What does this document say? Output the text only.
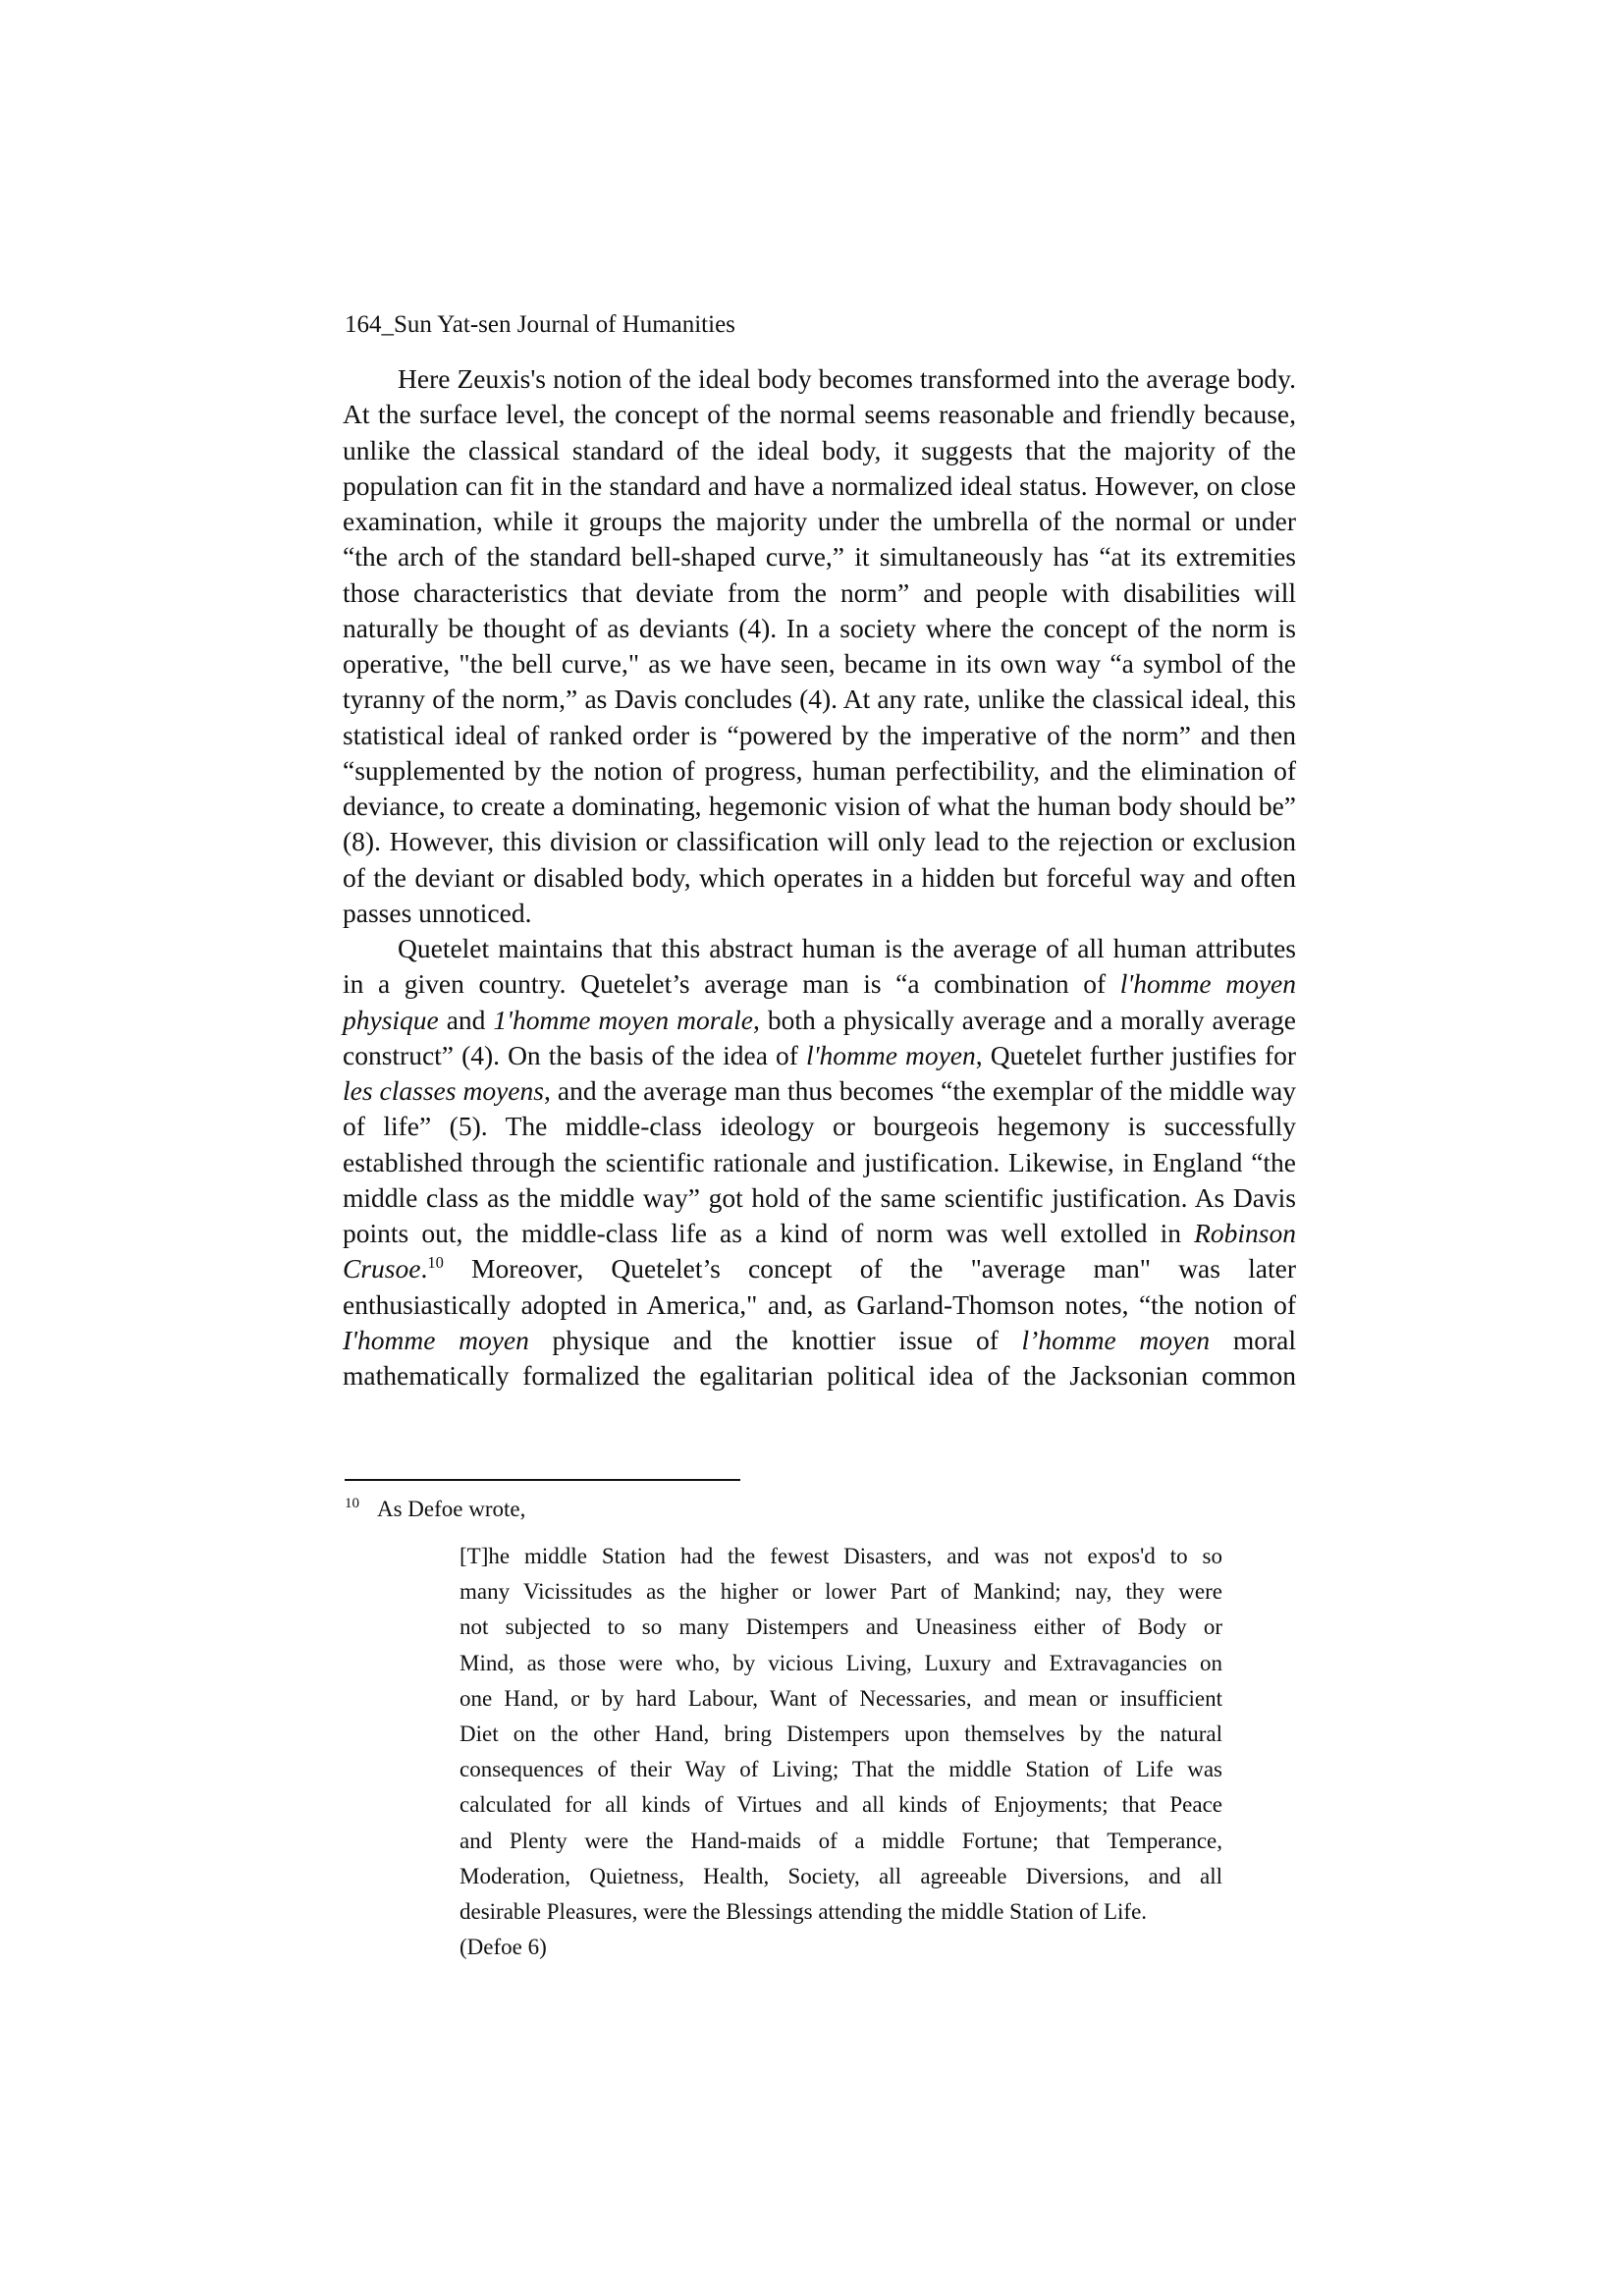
164_Sun Yat-sen Journal of Humanities
Here Zeuxis's notion of the ideal body becomes transformed into the average body.
At the surface level, the concept of the normal seems reasonable and friendly because,
unlike the classical standard of the ideal body, it suggests that the majority of the
population can fit in the standard and have a normalized ideal status. However, on close
examination, while it groups the majority under the umbrella of the normal or under
“the arch of the standard bell-shaped curve,” it simultaneously has “at its extremities
those characteristics that deviate from the norm” and people with disabilities will
naturally be thought of as deviants (4). In a society where the concept of the norm is
operative, "the bell curve," as we have seen, became in its own way “a symbol of the
tyranny of the norm,” as Davis concludes (4). At any rate, unlike the classical ideal, this
statistical ideal of ranked order is “powered by the imperative of the norm” and then
“supplemented by the notion of progress, human perfectibility, and the elimination of
deviance, to create a dominating, hegemonic vision of what the human body should be”
(8). However, this division or classification will only lead to the rejection or exclusion
of the deviant or disabled body, which operates in a hidden but forceful way and often
passes unnoticed.
Quetelet maintains that this abstract human is the average of all human attributes
in a given country. Quetelet’s average man is “a combination of l'homme moyen
physique and 1'homme moyen morale, both a physically average and a morally average
construct” (4). On the basis of the idea of l'homme moyen, Quetelet further justifies for
les classes moyens, and the average man thus becomes “the exemplar of the middle way
of life” (5). The middle-class ideology or bourgeois hegemony is successfully
established through the scientific rationale and justification. Likewise, in England “the
middle class as the middle way” got hold of the same scientific justification. As Davis
points out, the middle-class life as a kind of norm was well extolled in Robinson
Crusoe.$^{10}$ Moreover, Quetelet’s concept of the "average man" was later
enthusiastically adopted in America," and, as Garland-Thomson notes, “the notion of
I'homme moyen physique and the knottier issue of l’homme moyen moral
mathematically formalized the egalitarian political idea of the Jacksonian common
$^{10}$ As Defoe wrote,
[T]he middle Station had the fewest Disasters, and was not expos'd to so
many Vicissitudes as the higher or lower Part of Mankind; nay, they were
not subjected to so many Distempers and Uneasiness either of Body or
Mind, as those were who, by vicious Living, Luxury and Extravagancies on
one Hand, or by hard Labour, Want of Necessaries, and mean or insufficient
Diet on the other Hand, bring Distempers upon themselves by the natural
consequences of their Way of Living; That the middle Station of Life was
calculated for all kinds of Virtues and all kinds of Enjoyments; that Peace
and Plenty were the Hand-maids of a middle Fortune; that Temperance,
Moderation, Quietness, Health, Society, all agreeable Diversions, and all
desirable Pleasures, were the Blessings attending the middle Station of Life.
(Defoe 6)
